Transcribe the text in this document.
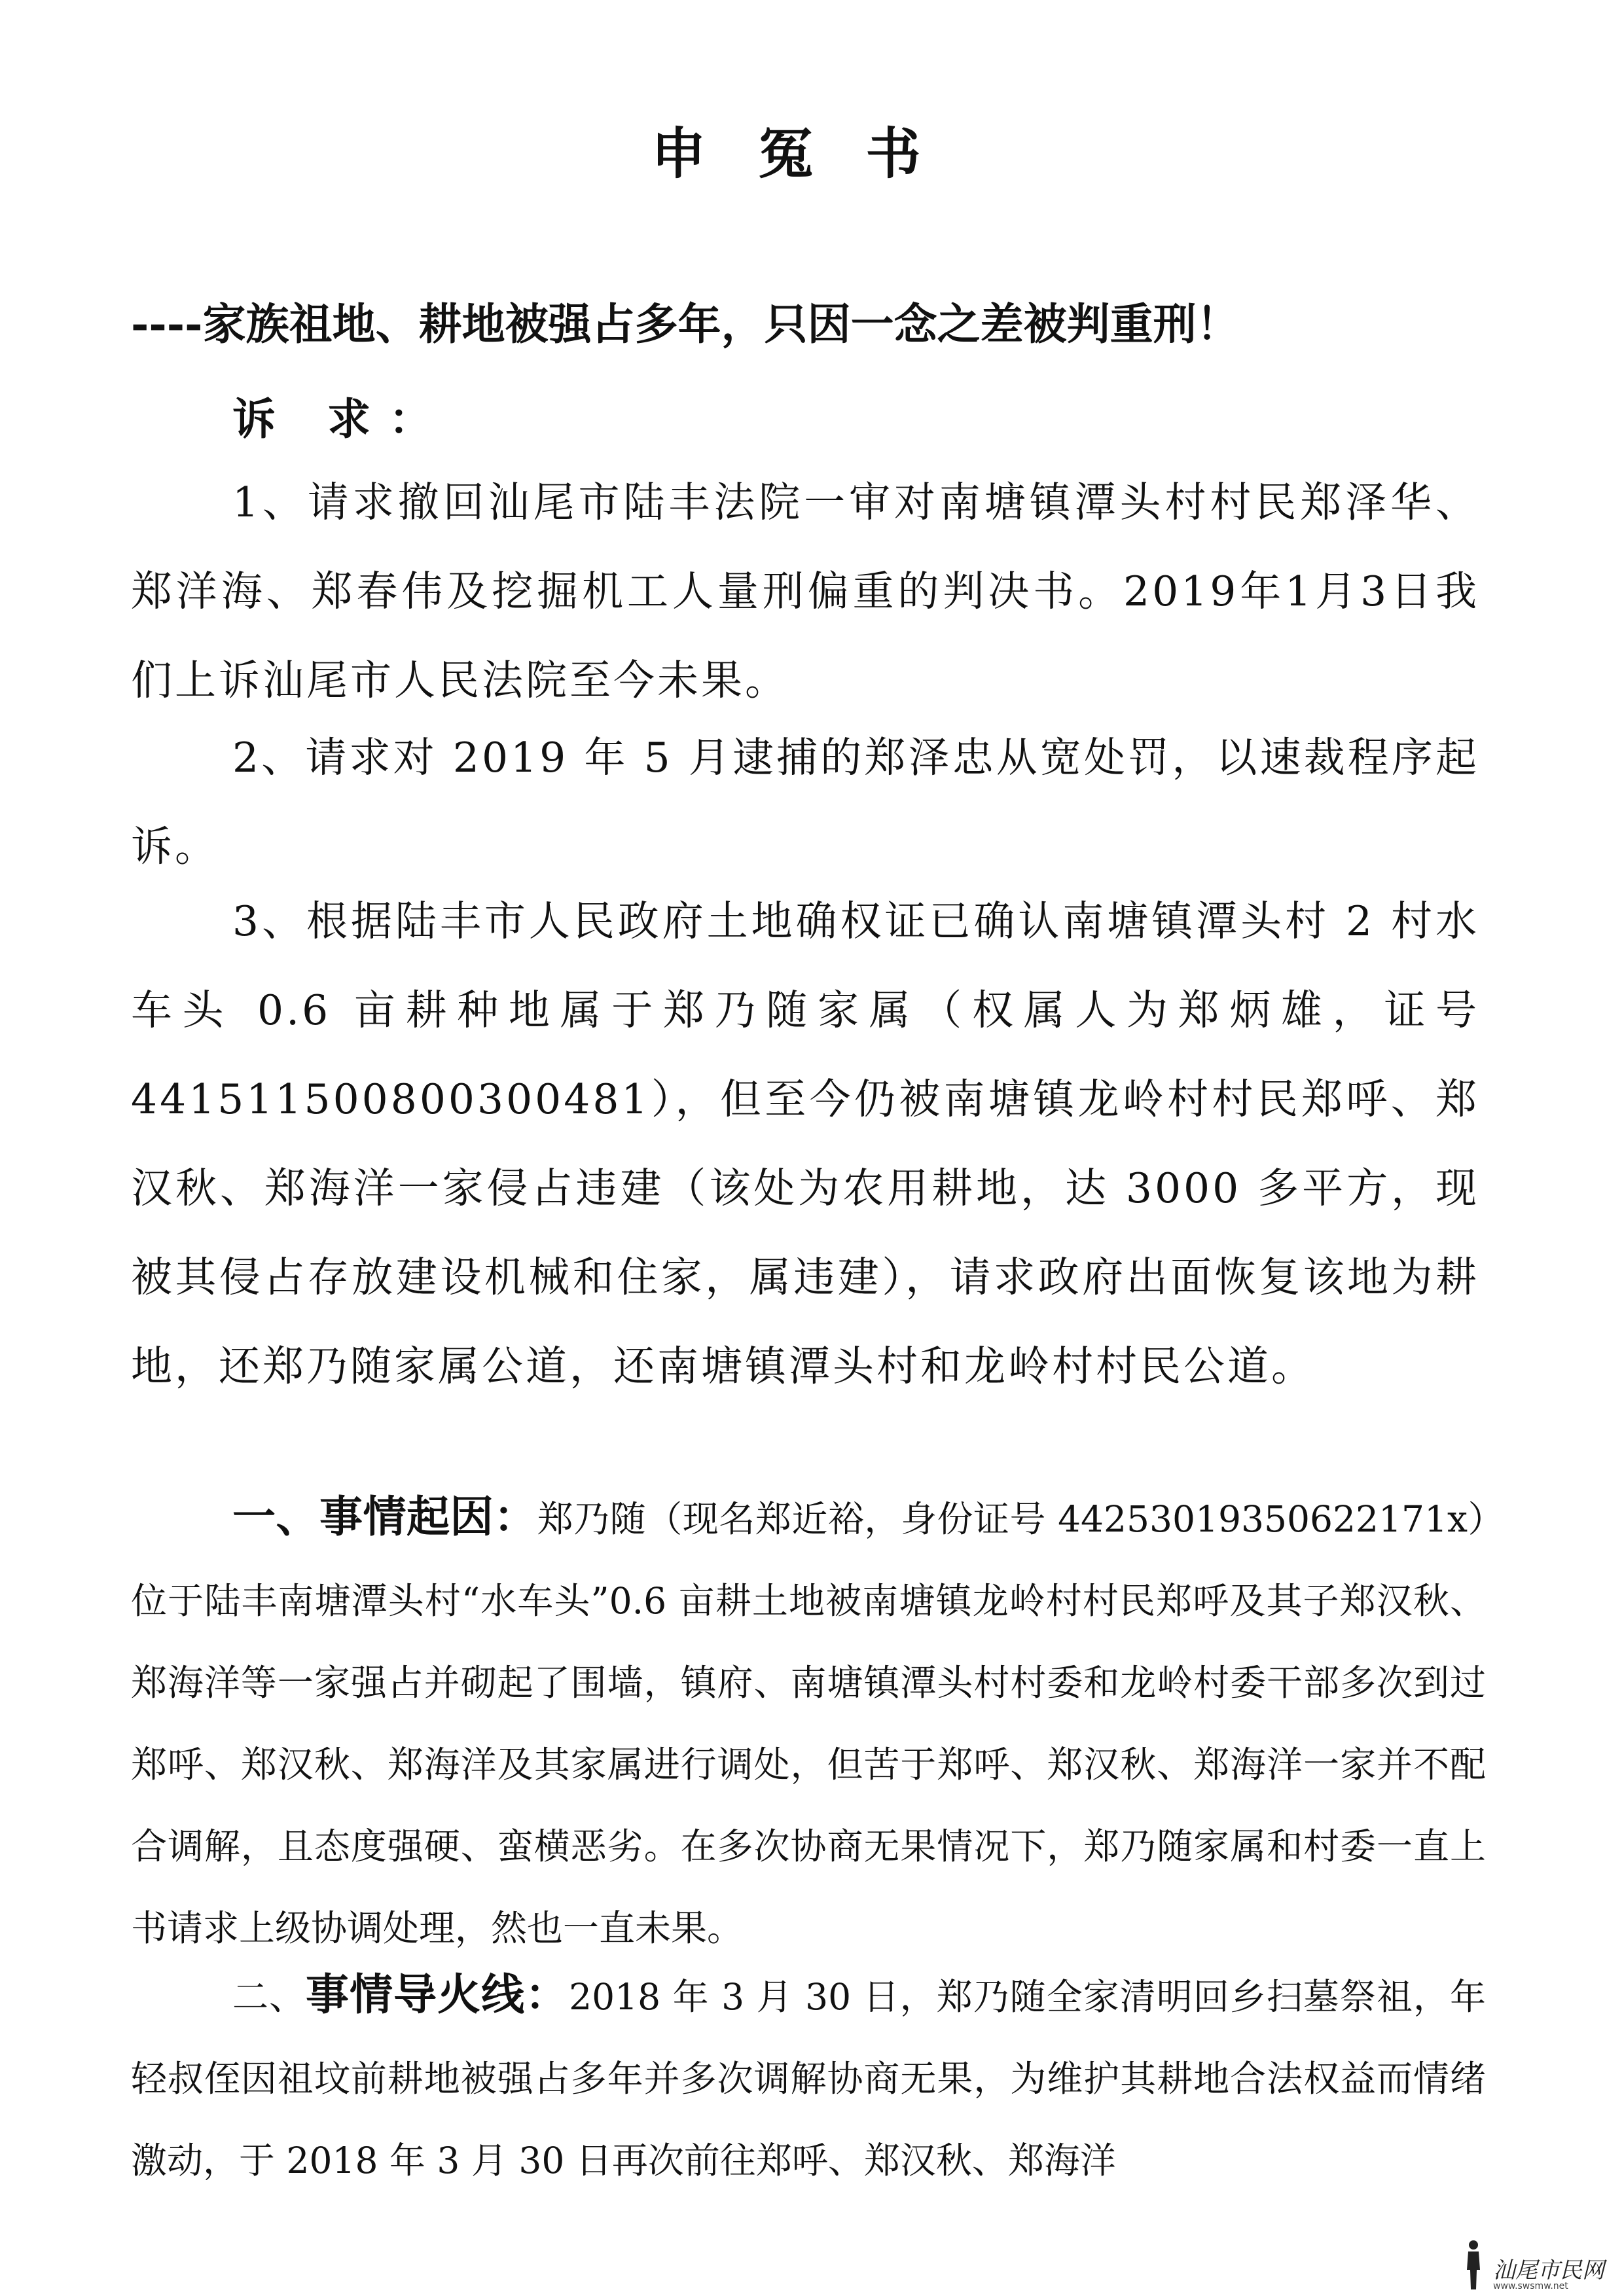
申冤书
----家族祖地、耕地被强占多年，只因一念之差被判重刑！
诉 求：

1、请求撤回汕尾市陆丰法院一审对南塘镇潭头村村民郑泽华、郑洋海、郑春伟及挖掘机工人量刑偏重的判决书。2019年1月3日我们上诉汕尾市人民法院至今未果。

2、请求对 2019 年 5 月逮捕的郑泽忠从宽处罚，以速裁程序起诉。

3、根据陆丰市人民政府土地确权证已确认南塘镇潭头村 2 村水车头 0.6 亩耕种地属于郑乃随家属（权属人为郑炳雄，证号 441511500800300481），但至今仍被南塘镇龙岭村村民郑呼、郑汉秋、郑海洋一家侵占违建（该处为农用耕地，达 3000 多平方，现被其侵占存放建设机械和住家，属违建），请求政府出面恢复该地为耕地，还郑乃随家属公道，还南塘镇潭头村和龙岭村村民公道。

一、事情起因：郑乃随（现名郑近裕，身份证号 44253019350622171x）位于陆丰南塘潭头村“水车头”0.6 亩耕土地被南塘镇龙岭村村民郑呼及其子郑汉秋、郑海洋等一家强占并砌起了围墙，镇府、南塘镇潭头村村委和龙岭村委干部多次到过郑呼、郑汉秋、郑海洋及其家属进行调处，但苦于郑呼、郑汉秋、郑海洋一家并不配合调解，且态度强硬、蛮横恶劣。在多次协商无果情况下，郑乃随家属和村委一直上书请求上级协调处理，然也一直未果。

二、事情导火线：2018 年 3 月 30 日，郑乃随全家清明回乡扫墓祭祖，年轻叔侄因祖坟前耕地被强占多年并多次调解协商无果，为维护其耕地合法权益而情绪激动，于 2018 年 3 月 30 日再次前往郑呼、郑汉秋、郑海洋

汕尾市民网
www.swsmw.net
